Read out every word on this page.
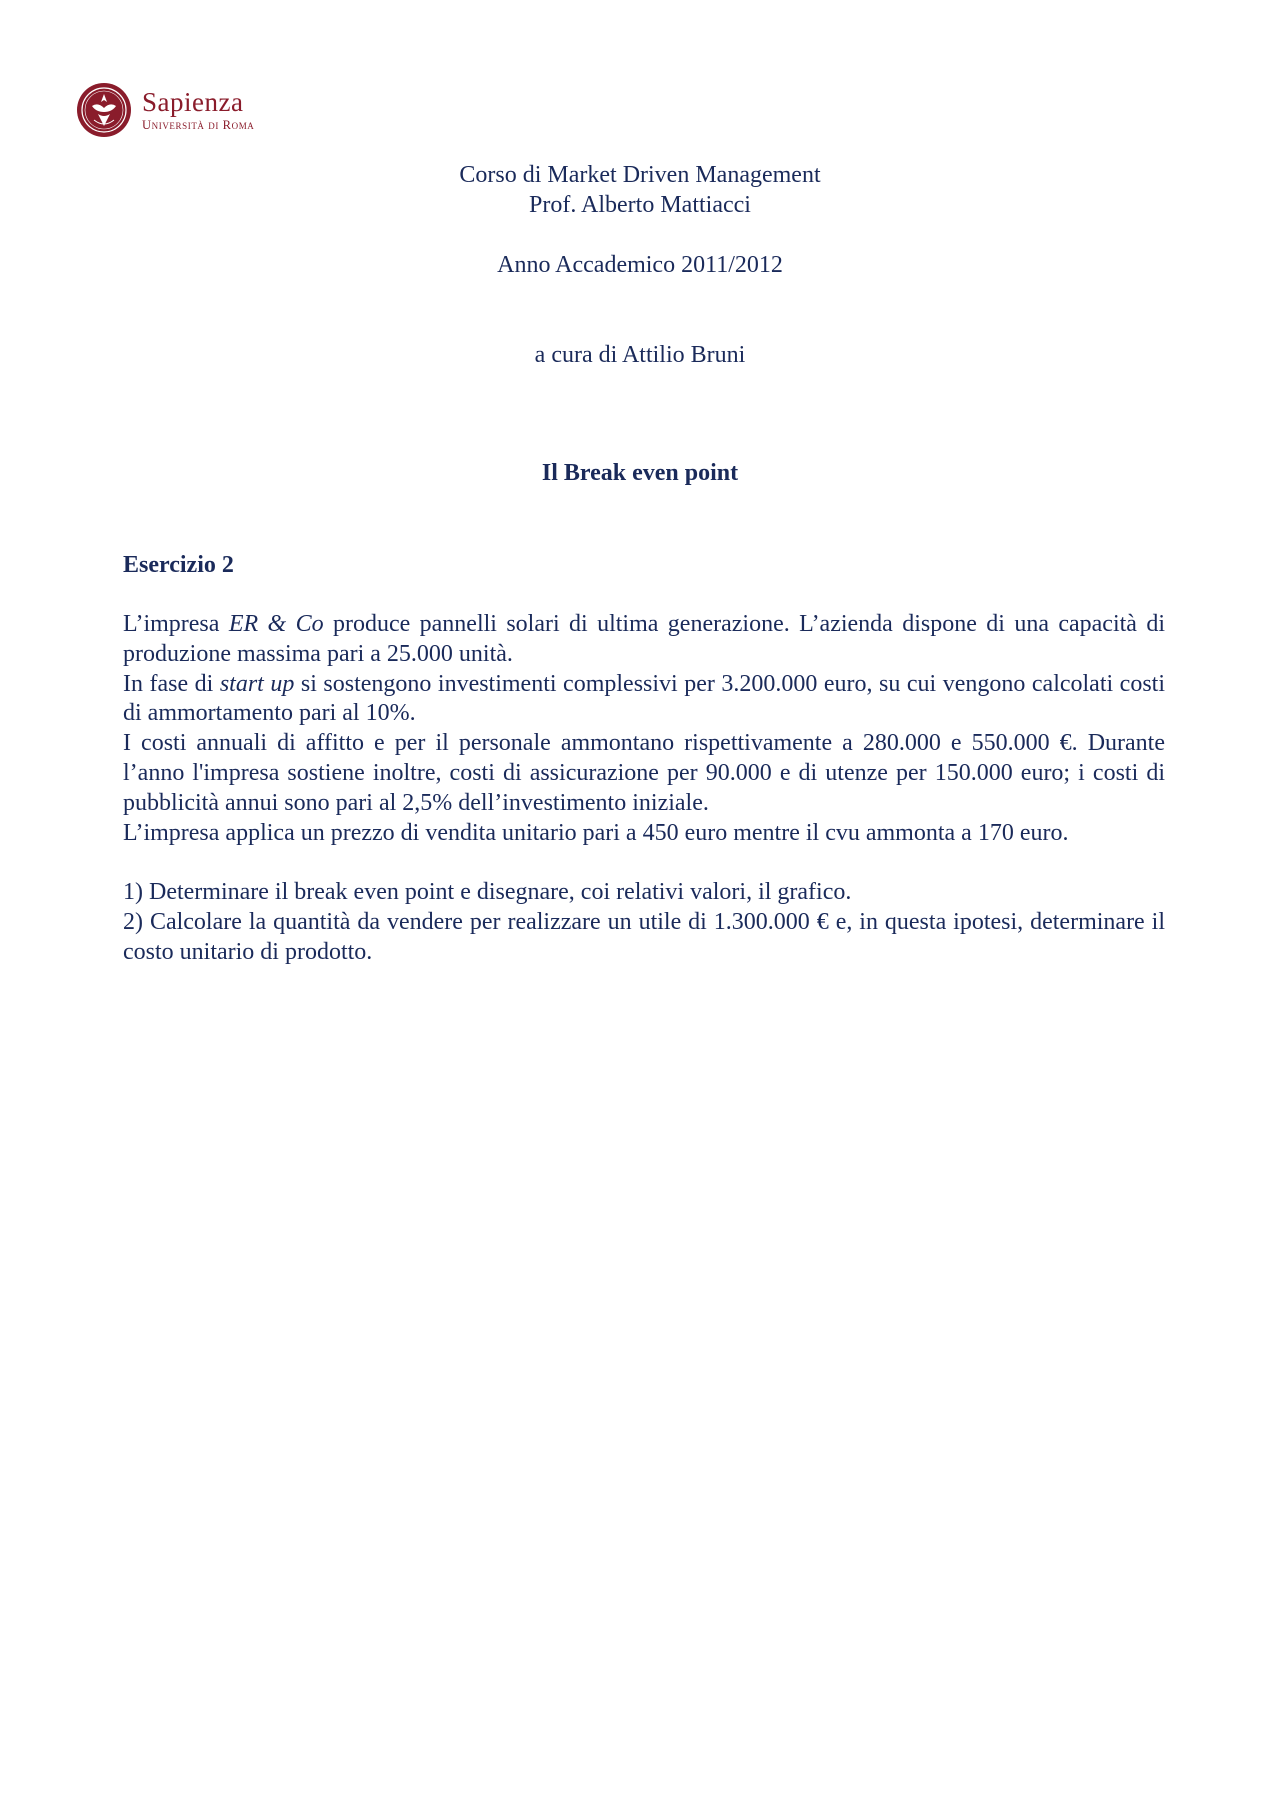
Sapienza
Università di Roma
Corso di Market Driven Management
Prof. Alberto Mattiacci
Anno Accademico 2011/2012
a cura di Attilio Bruni
Il Break even point
Esercizio 2

L’impresa ER & Co produce pannelli solari di ultima generazione. L’azienda dispone di una capacità di produzione massima pari a 25.000 unità.

In fase di start up si sostengono investimenti complessivi per 3.200.000 euro, su cui vengono calcolati costi di ammortamento pari al 10%.

I costi annuali di affitto e per il personale ammontano rispettivamente a 280.000 e 550.000 €. Durante l’anno l'impresa sostiene inoltre, costi di assicurazione per 90.000 e di utenze per 150.000 euro; i costi di pubblicità annui sono pari al 2,5% dell’investimento iniziale.

L’impresa applica un prezzo di vendita unitario pari a 450 euro mentre il cvu ammonta a 170 euro.

1) Determinare il break even point e disegnare, coi relativi valori, il grafico.

2) Calcolare la quantità da vendere per realizzare un utile di 1.300.000 € e, in questa ipotesi, determinare il costo unitario di prodotto.
